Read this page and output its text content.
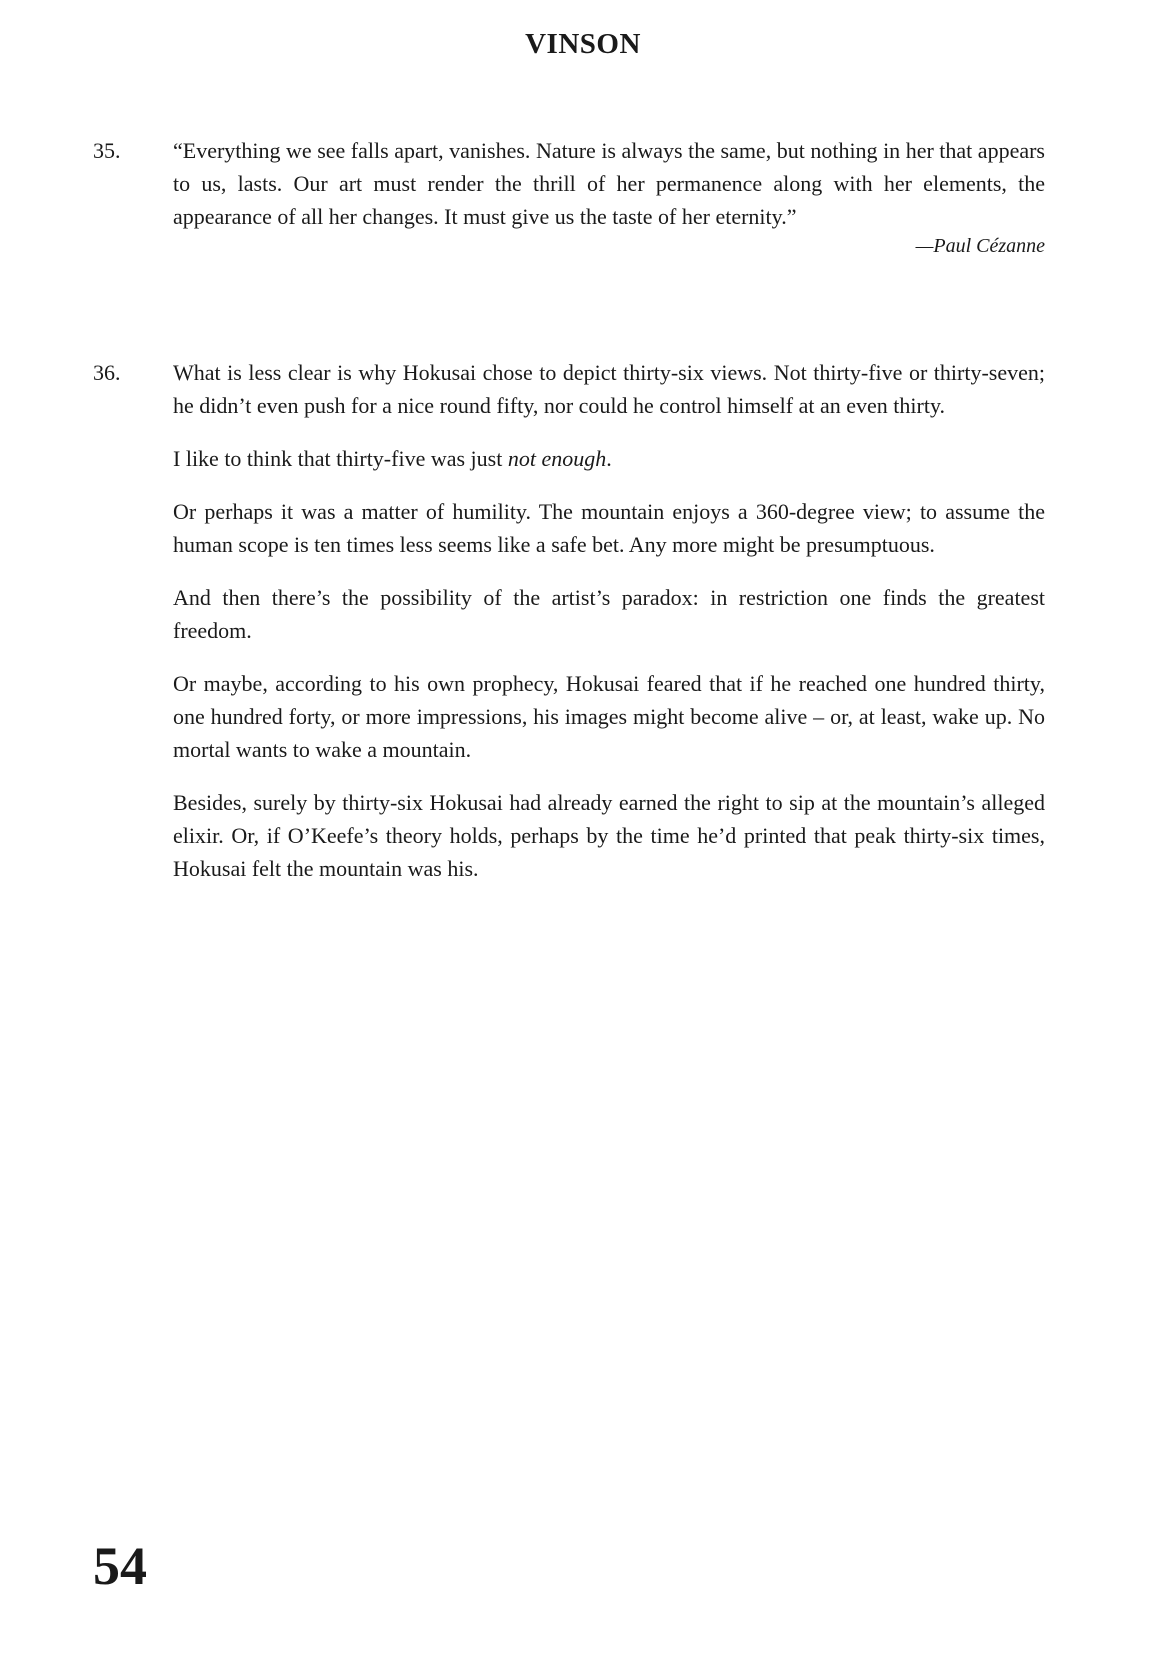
VINSON
35. “Everything we see falls apart, vanishes. Nature is always the same, but nothing in her that appears to us, lasts. Our art must render the thrill of her permanence along with her elements, the appearance of all her changes. It must give us the taste of her eternity.”

—Paul Cézanne

36. What is less clear is why Hokusai chose to depict thirty-six views. Not thirty-five or thirty-seven; he didn’t even push for a nice round fifty, nor could he control himself at an even thirty.

I like to think that thirty-five was just not enough.

Or perhaps it was a matter of humility. The mountain enjoys a 360-degree view; to assume the human scope is ten times less seems like a safe bet. Any more might be presumptuous.

And then there’s the possibility of the artist’s paradox: in restriction one finds the greatest freedom.

Or maybe, according to his own prophecy, Hokusai feared that if he reached one hundred thirty, one hundred forty, or more impressions, his images might become alive – or, at least, wake up. No mortal wants to wake a mountain.

Besides, surely by thirty-six Hokusai had already earned the right to sip at the mountain’s alleged elixir. Or, if O’Keefe’s theory holds, perhaps by the time he’d printed that peak thirty-six times, Hokusai felt the mountain was his.

54
